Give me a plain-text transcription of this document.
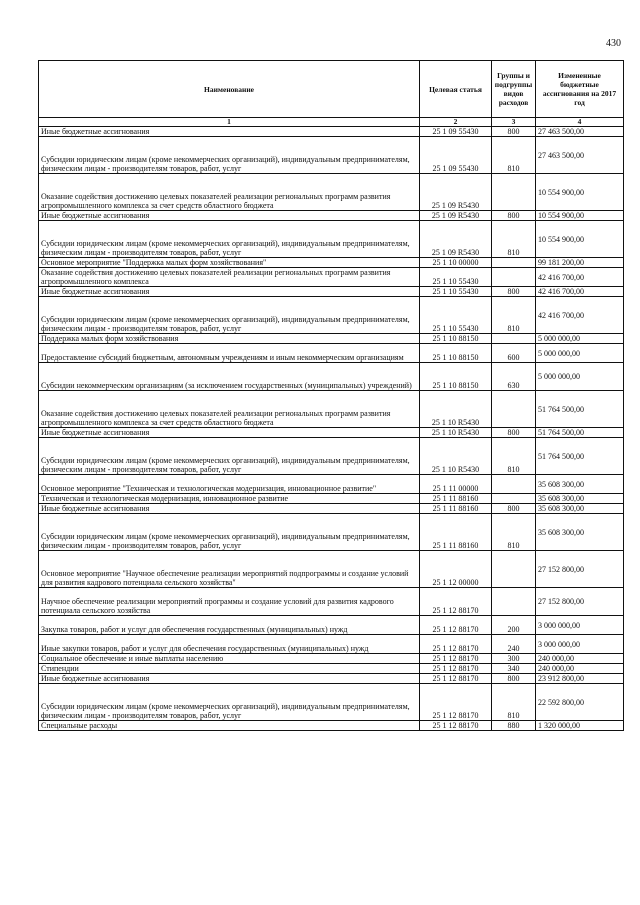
430
Наименование	Целевая статья	Группы и подгруппы видов расходов	Измененные бюджетные ассигнования на 2017 год
1	2	3	4
Иные бюджетные ассигнования	25 1 09 55430	800	27 463 500,00
Субсидии юридическим лицам (кроме некоммерческих организаций), индивидуальным предпринимателям, физическим лицам - производителям товаров, работ, услуг	25 1 09 55430	810	27 463 500,00
Оказание содействия достижению целевых показателей реализации региональных программ развития агропромышленного комплекса за счет средств областного бюджета	25 1 09 R5430		10 554 900,00
Иные бюджетные ассигнования	25 1 09 R5430	800	10 554 900,00
Субсидии юридическим лицам (кроме некоммерческих организаций), индивидуальным предпринимателям, физическим лицам - производителям товаров, работ, услуг	25 1 09 R5430	810	10 554 900,00
Основное мероприятие "Поддержка малых форм хозяйствования"	25 1 10 00000		99 181 200,00
Оказание содействия достижению целевых показателей реализации региональных программ развития агропромышленного комплекса	25 1 10 55430		42 416 700,00
Иные бюджетные ассигнования	25 1 10 55430	800	42 416 700,00
Субсидии юридическим лицам (кроме некоммерческих организаций), индивидуальным предпринимателям, физическим лицам - производителям товаров, работ, услуг	25 1 10 55430	810	42 416 700,00
Поддержка малых форм хозяйствования	25 1 10 88150		5 000 000,00
Предоставление субсидий бюджетным, автономным учреждениям и иным некоммерческим организациям	25 1 10 88150	600	5 000 000,00
Субсидии некоммерческим организациям (за исключением государственных (муниципальных) учреждений)	25 1 10 88150	630	5 000 000,00
Оказание содействия достижению целевых показателей реализации региональных программ развития агропромышленного комплекса за счет средств областного бюджета	25 1 10 R5430		51 764 500,00
Иные бюджетные ассигнования	25 1 10 R5430	800	51 764 500,00
Субсидии юридическим лицам (кроме некоммерческих организаций), индивидуальным предпринимателям, физическим лицам - производителям товаров, работ, услуг	25 1 10 R5430	810	51 764 500,00
Основное мероприятие "Техническая и технологическая модернизация, инновационное развитие"	25 1 11 00000		35 608 300,00
Техническая и технологическая модернизация, инновационное развитие	25 1 11 88160		35 608 300,00
Иные бюджетные ассигнования	25 1 11 88160	800	35 608 300,00
Субсидии юридическим лицам (кроме некоммерческих организаций), индивидуальным предпринимателям, физическим лицам - производителям товаров, работ, услуг	25 1 11 88160	810	35 608 300,00
Основное мероприятие "Научное обеспечение реализации мероприятий подпрограммы и создание условий для развития кадрового потенциала сельского хозяйства"	25 1 12 00000		27 152 800,00
Научное обеспечение реализации мероприятий программы и создание условий для развития кадрового потенциала сельского хозяйства	25 1 12 88170		27 152 800,00
Закупка товаров, работ и услуг для обеспечения государственных (муниципальных) нужд	25 1 12 88170	200	3 000 000,00
Иные закупки товаров, работ и услуг для обеспечения государственных (муниципальных) нужд	25 1 12 88170	240	3 000 000,00
Социальное обеспечение и иные выплаты населению	25 1 12 88170	300	240 000,00
Стипендии	25 1 12 88170	340	240 000,00
Иные бюджетные ассигнования	25 1 12 88170	800	23 912 800,00
Субсидии юридическим лицам (кроме некоммерческих организаций), индивидуальным предпринимателям, физическим лицам - производителям товаров, работ, услуг	25 1 12 88170	810	22 592 800,00
Специальные расходы	25 1 12 88170	880	1 320 000,00
